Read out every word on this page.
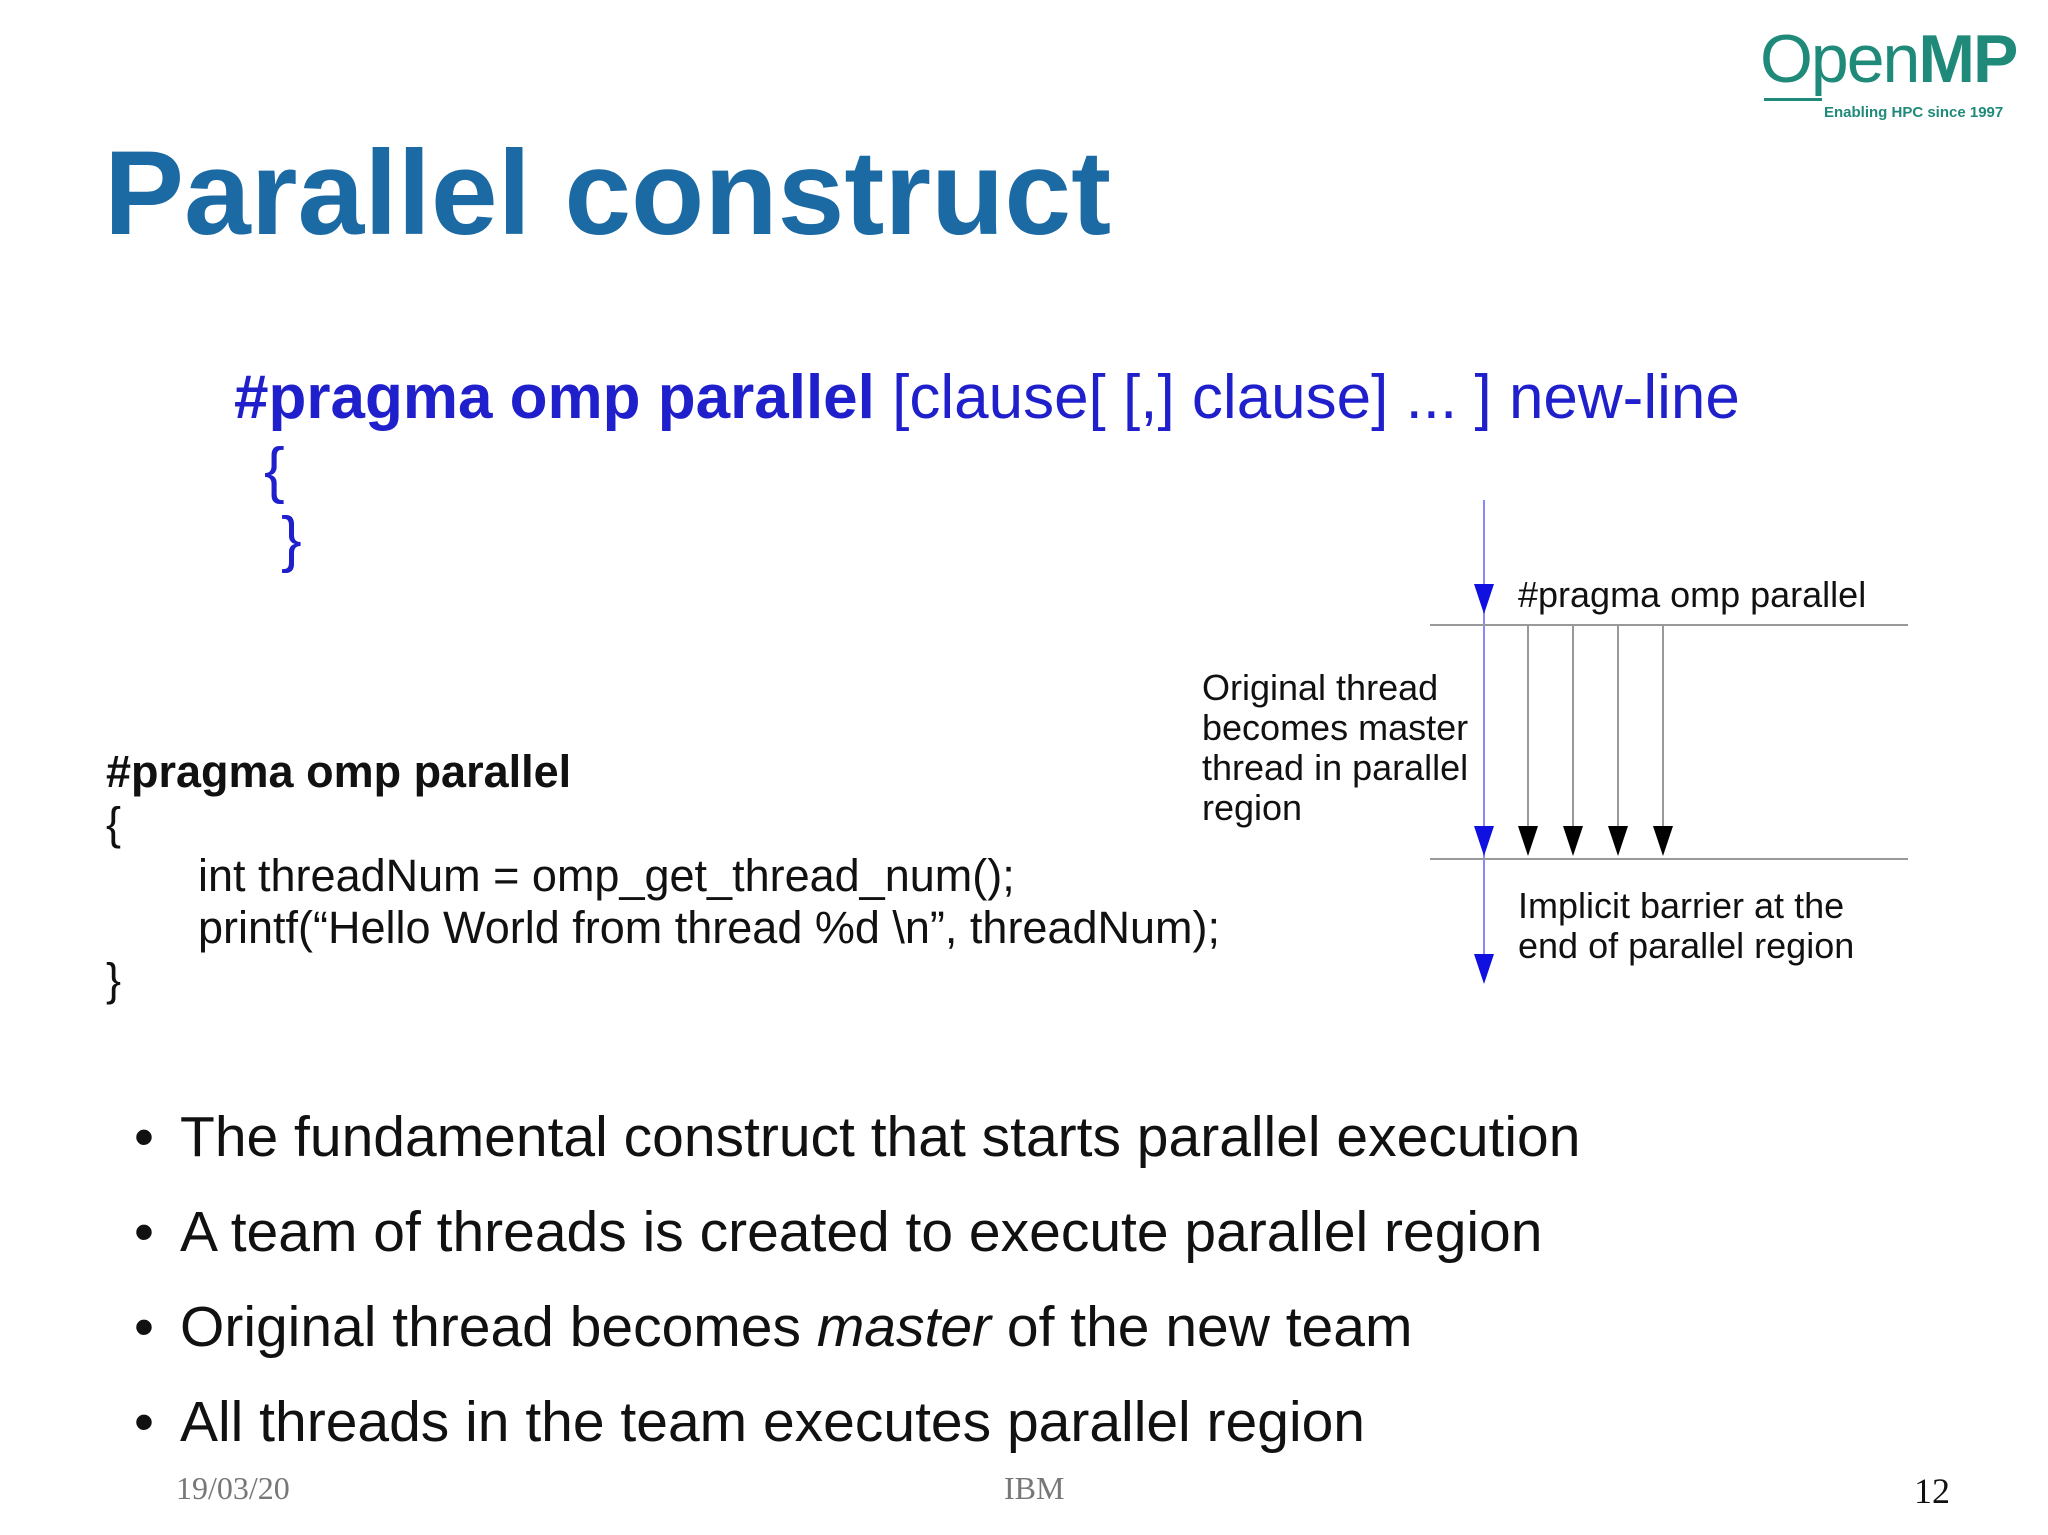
OpenMP
Enabling HPC since 1997
Parallel construct
#pragma omp parallel [clause[ [,] clause] ... ] new-line
{
}
#pragma omp parallel
{
int threadNum = omp_get_thread_num();
printf(“Hello World from thread %d \n”, threadNum);
}
#pragma omp parallel
Original thread
becomes master
thread in parallel
region
Implicit barrier at the
end of parallel region
• The fundamental construct that starts parallel execution
• A team of threads is created to execute parallel region
• Original thread becomes master of the new team
• All threads in the team executes parallel region
19/03/20	IBM	12
